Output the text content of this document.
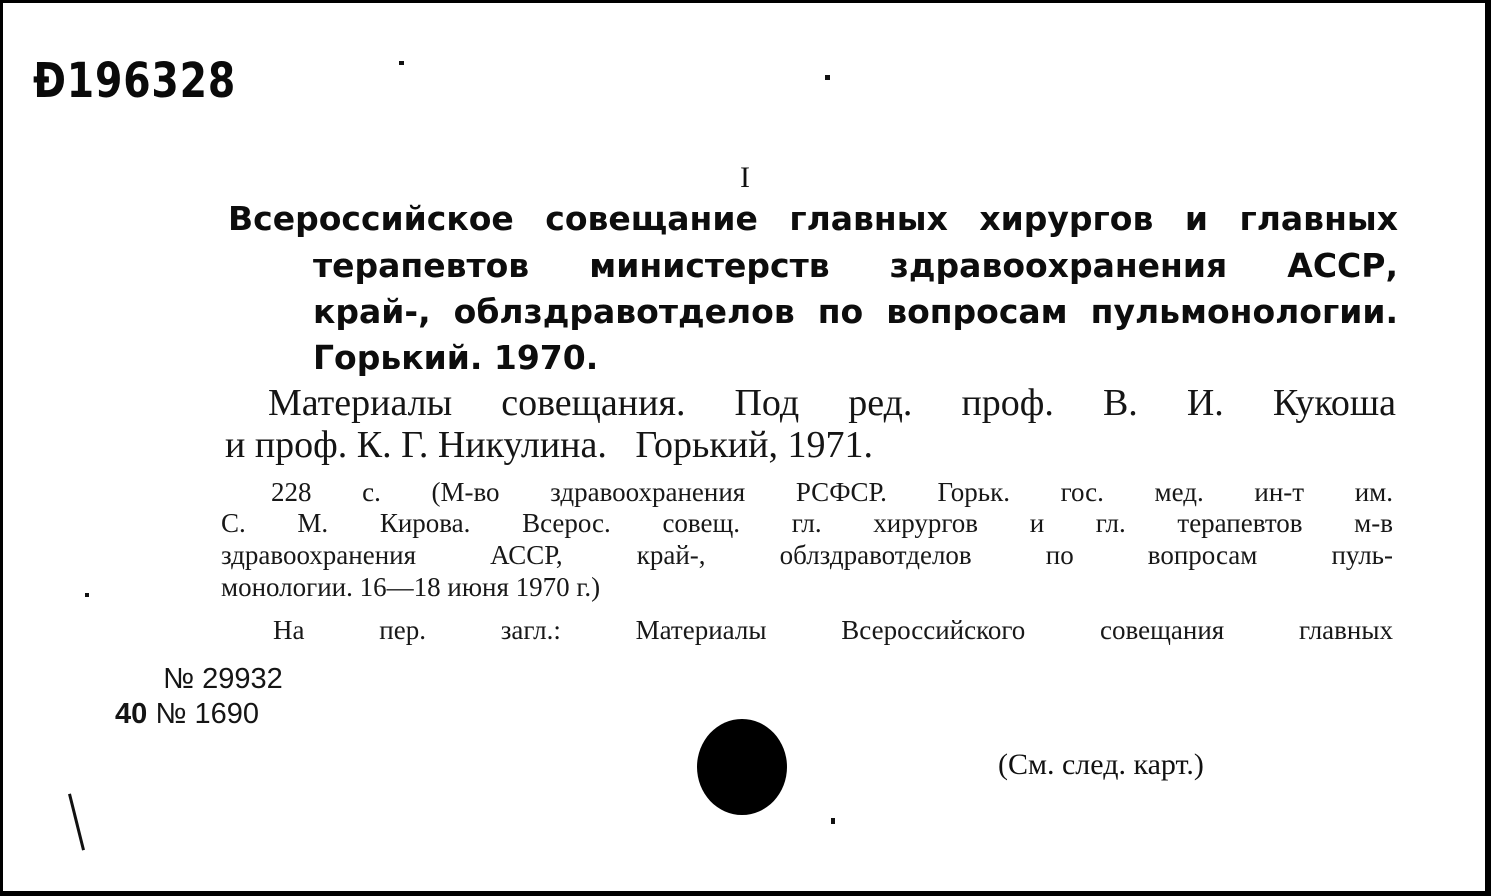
Ð196328
I
Всероссийское совещание главных хирургов и главных
терапевтов министерств здравоохранения АССР,
край-, облздравотделов по вопросам пульмонологии.
Горький. 1970.
Материалы совещания. Под ред. проф. В. И. Кукоша
и проф. К. Г. Никулина.   Горький, 1971.
228 с. (М-во здравоохранения РСФСР. Горьк. гос. мед. ин-т им.
С. М. Кирова. Всерос. совещ. гл. хирургов и гл. терапевтов м-в
здравоохранения АССР, край-, облздравотделов по вопросам пуль-
монологии. 16—18 июня 1970 г.)
На пер. загл.: Материалы Всероссийского совещания главных
№ 29932
40 № 1690
(См. след. карт.)
